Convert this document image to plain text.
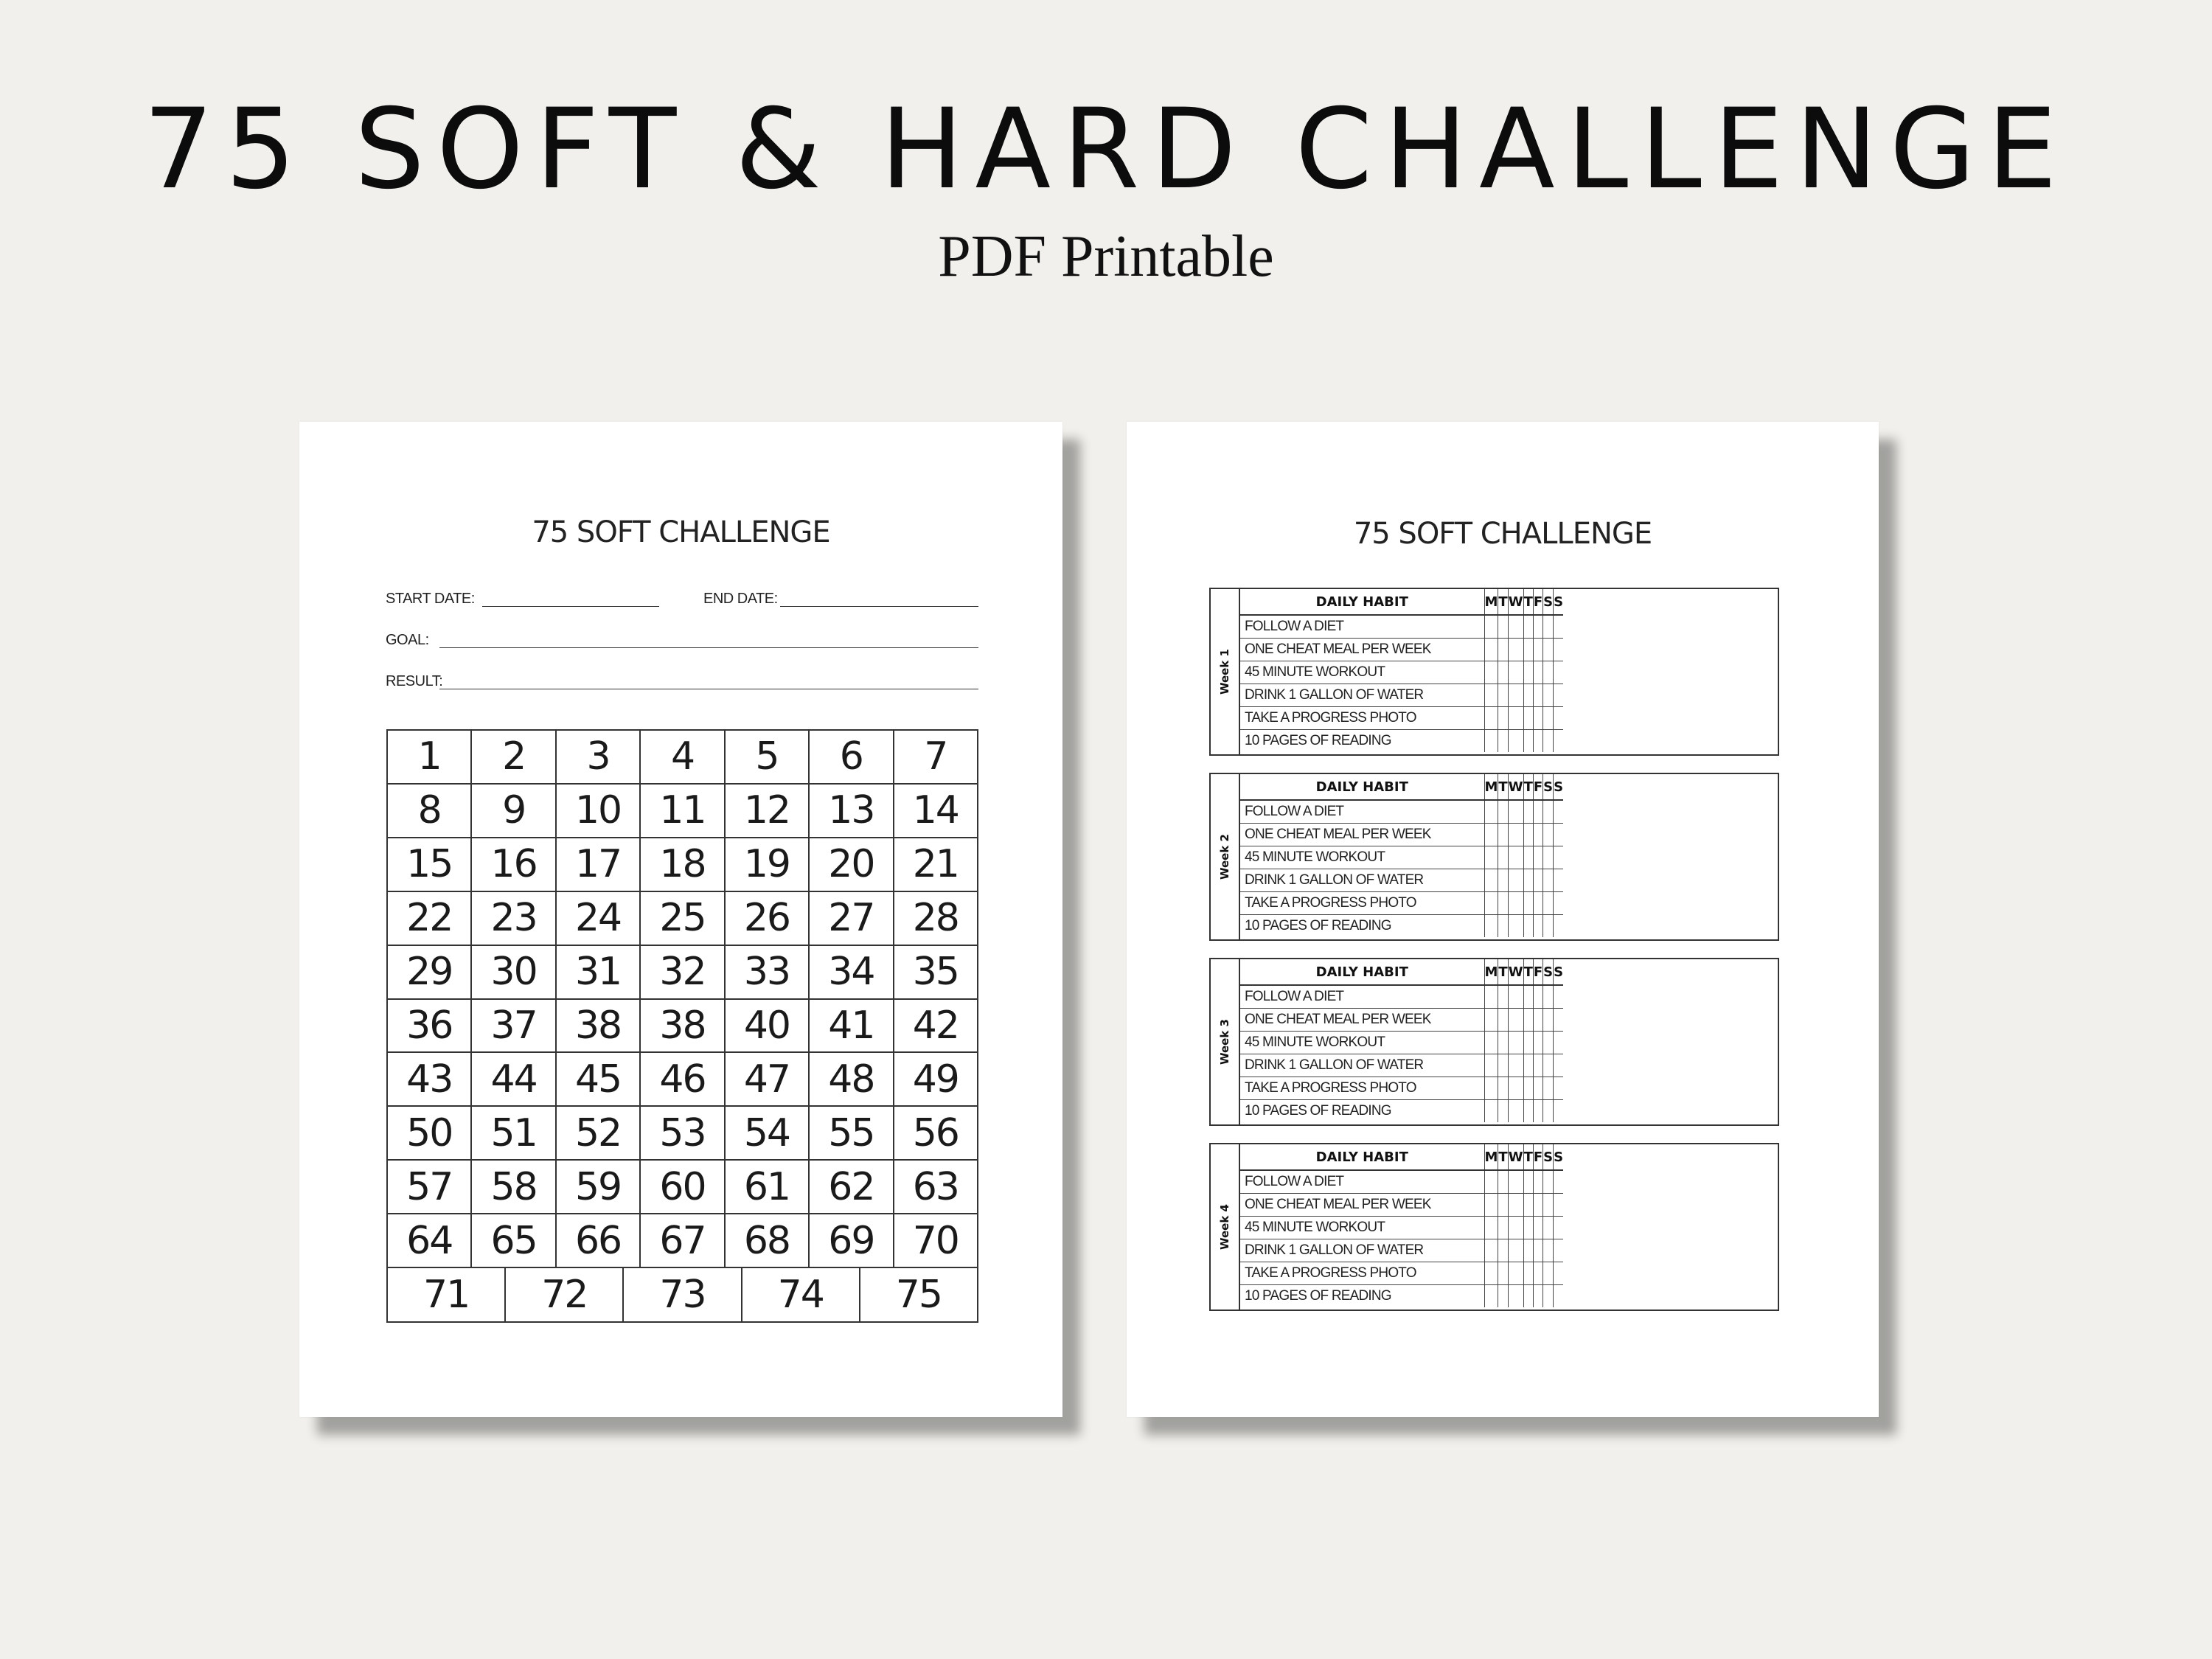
75 SOFT & HARD CHALLENGE
PDF Printable
75 SOFT CHALLENGE
START DATE:	END DATE:
GOAL:
RESULT:
1	2	3	4	5	6	7
8	9	10	11	12	13	14
15	16	17	18	19	20	21
22	23	24	25	26	27	28
29	30	31	32	33	34	35
36	37	38	38	40	41	42
43	44	45	46	47	48	49
50	51	52	53	54	55	56
57	58	59	60	61	62	63
64	65	66	67	68	69	70
71	72	73	74	75
75 SOFT CHALLENGE
Week 1
DAILY HABIT	M	T	W	T	F	S	S
FOLLOW A DIET							
ONE CHEAT MEAL PER WEEK							
45 MINUTE WORKOUT							
DRINK 1 GALLON OF WATER							
TAKE A PROGRESS PHOTO							
10 PAGES OF READING							
Week 2
DAILY HABIT	M	T	W	T	F	S	S
FOLLOW A DIET							
ONE CHEAT MEAL PER WEEK							
45 MINUTE WORKOUT							
DRINK 1 GALLON OF WATER							
TAKE A PROGRESS PHOTO							
10 PAGES OF READING							
Week 3
DAILY HABIT	M	T	W	T	F	S	S
FOLLOW A DIET							
ONE CHEAT MEAL PER WEEK							
45 MINUTE WORKOUT							
DRINK 1 GALLON OF WATER							
TAKE A PROGRESS PHOTO							
10 PAGES OF READING							
Week 4
DAILY HABIT	M	T	W	T	F	S	S
FOLLOW A DIET							
ONE CHEAT MEAL PER WEEK							
45 MINUTE WORKOUT							
DRINK 1 GALLON OF WATER							
TAKE A PROGRESS PHOTO							
10 PAGES OF READING							
